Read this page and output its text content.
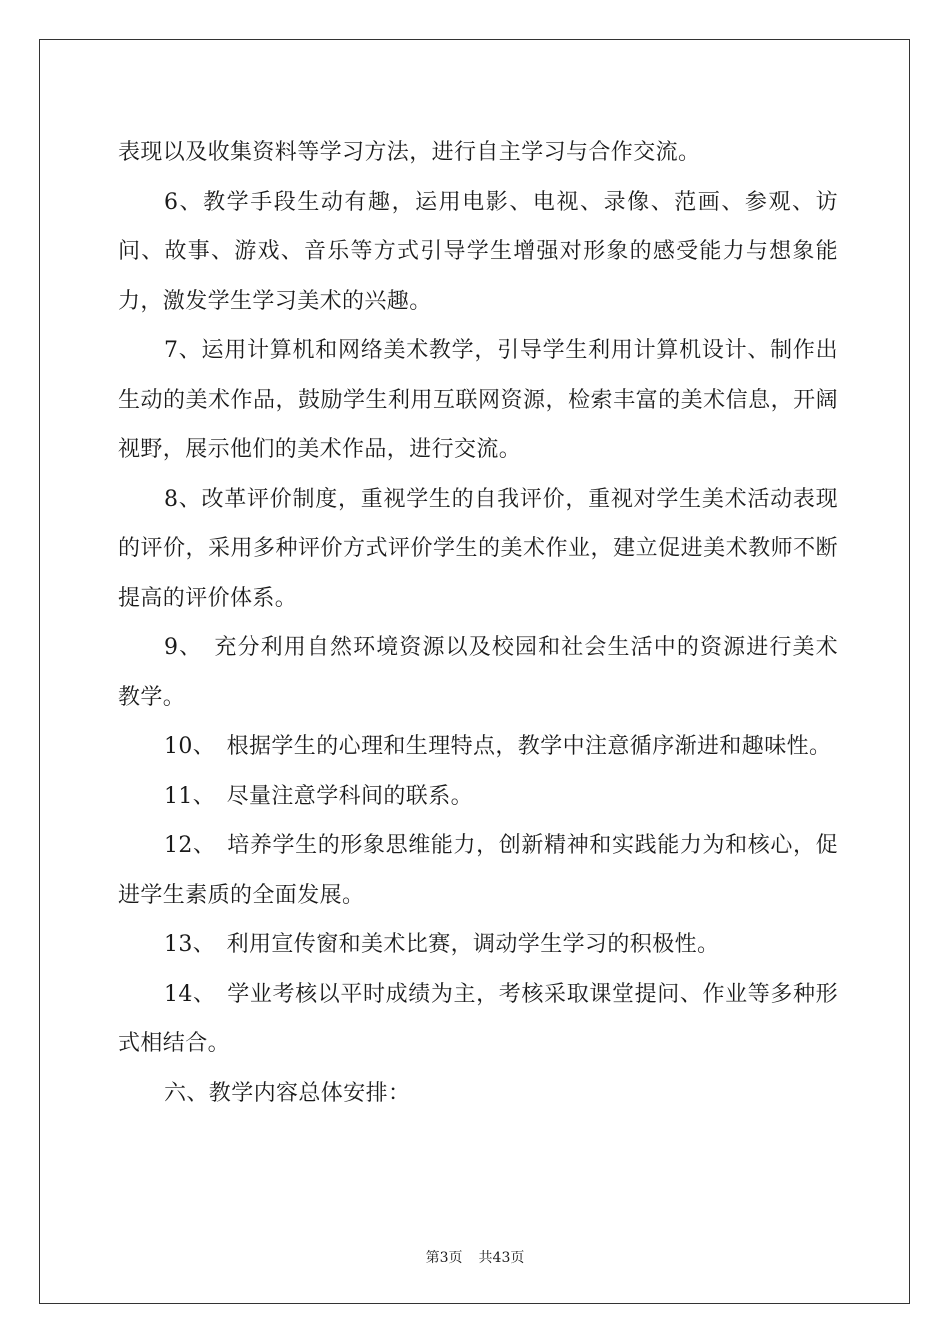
表现以及收集资料等学习方法，进行自主学习与合作交流。

6、教学手段生动有趣，运用电影、电视、录像、范画、参观、访问、故事、游戏、音乐等方式引导学生增强对形象的感受能力与想象能力，激发学生学习美术的兴趣。

7、运用计算机和网络美术教学，引导学生利用计算机设计、制作出生动的美术作品，鼓励学生利用互联网资源，检索丰富的美术信息，开阔视野，展示他们的美术作品，进行交流。

8、改革评价制度，重视学生的自我评价，重视对学生美术活动表现的评价，采用多种评价方式评价学生的美术作业，建立促进美术教师不断提高的评价体系。

9、　充分利用自然环境资源以及校园和社会生活中的资源进行美术教学。

10、　根据学生的心理和生理特点，教学中注意循序渐进和趣味性。

11、　尽量注意学科间的联系。

12、　培养学生的形象思维能力，创新精神和实践能力为和核心，促进学生素质的全面发展。

13、　利用宣传窗和美术比赛，调动学生学习的积极性。

14、　学业考核以平时成绩为主，考核采取课堂提问、作业等多种形式相结合。

六、教学内容总体安排：

第3页 共43页
